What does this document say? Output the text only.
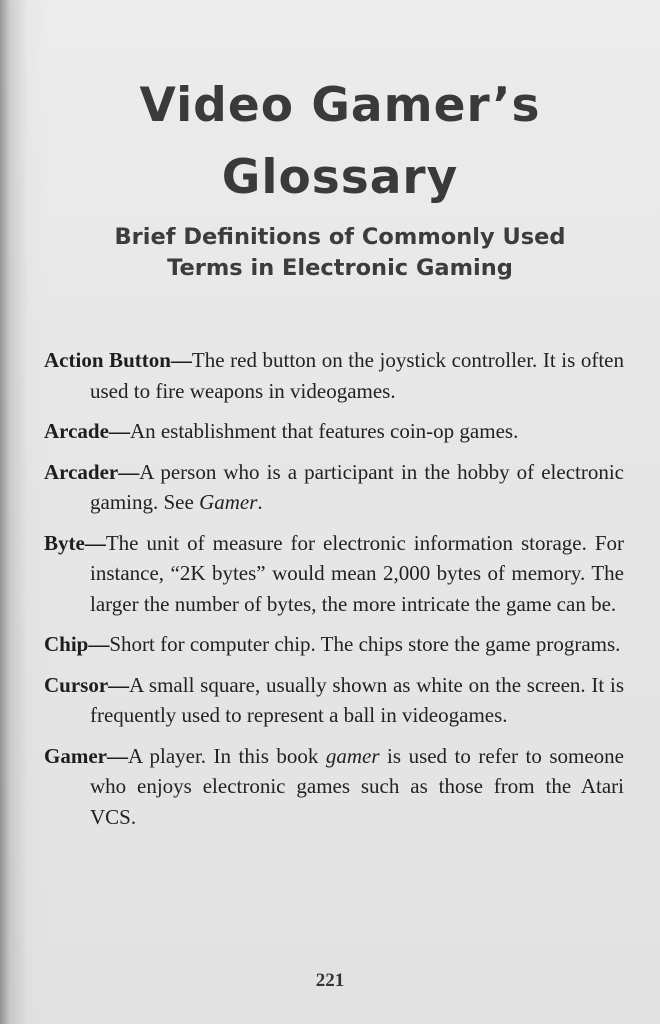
Video Gamer’s
Glossary
Brief Definitions of Commonly Used
Terms in Electronic Gaming

Action Button—The red button on the joystick controller. It is often used to fire weapons in videogames.

Arcade—An establishment that features coin-op games.

Arcader—A person who is a participant in the hobby of electronic gaming. See Gamer.

Byte—The unit of measure for electronic information storage. For instance, “2K bytes” would mean 2,000 bytes of memory. The larger the number of bytes, the more intricate the game can be.

Chip—Short for computer chip. The chips store the game programs.

Cursor—A small square, usually shown as white on the screen. It is frequently used to represent a ball in videogames.

Gamer—A player. In this book gamer is used to refer to someone who enjoys electronic games such as those from the Atari VCS.

221
